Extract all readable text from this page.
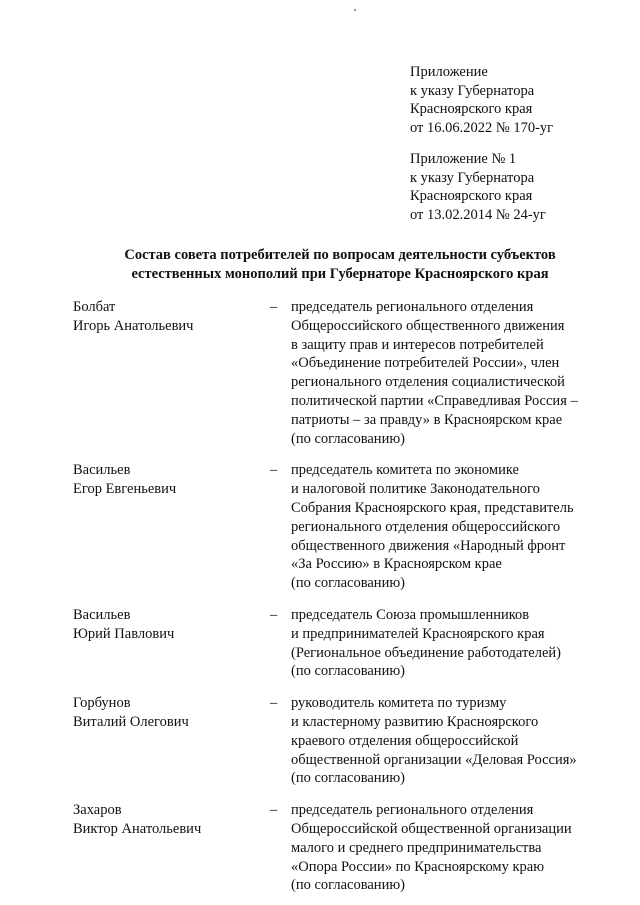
Приложение
к указу Губернатора
Красноярского края
от 16.06.2022 № 170-уг
Приложение № 1
к указу Губернатора
Красноярского края
от 13.02.2014 № 24-уг
Состав совета потребителей по вопросам деятельности субъектов
естественных монополий при Губернаторе Красноярского края
Болбат
Игорь Анатольевич
– председатель регионального отделения
Общероссийского общественного движения
в защиту прав и интересов потребителей
«Объединение потребителей России», член
регионального отделения социалистической
политической партии «Справедливая Россия –
патриоты – за правду» в Красноярском крае
(по согласованию)
Васильев
Егор Евгеньевич
– председатель комитета по экономике
и налоговой политике Законодательного
Собрания Красноярского края, представитель
регионального отделения общероссийского
общественного движения «Народный фронт
«За Россию» в Красноярском крае
(по согласованию)
Васильев
Юрий Павлович
– председатель Союза промышленников
и предпринимателей Красноярского края
(Региональное объединение работодателей)
(по согласованию)
Горбунов
Виталий Олегович
– руководитель комитета по туризму
и кластерному развитию Красноярского
краевого отделения общероссийской
общественной организации «Деловая Россия»
(по согласованию)
Захаров
Виктор Анатольевич
– председатель регионального отделения
Общероссийской общественной организации
малого и среднего предпринимательства
«Опора России» по Красноярскому краю
(по согласованию)
